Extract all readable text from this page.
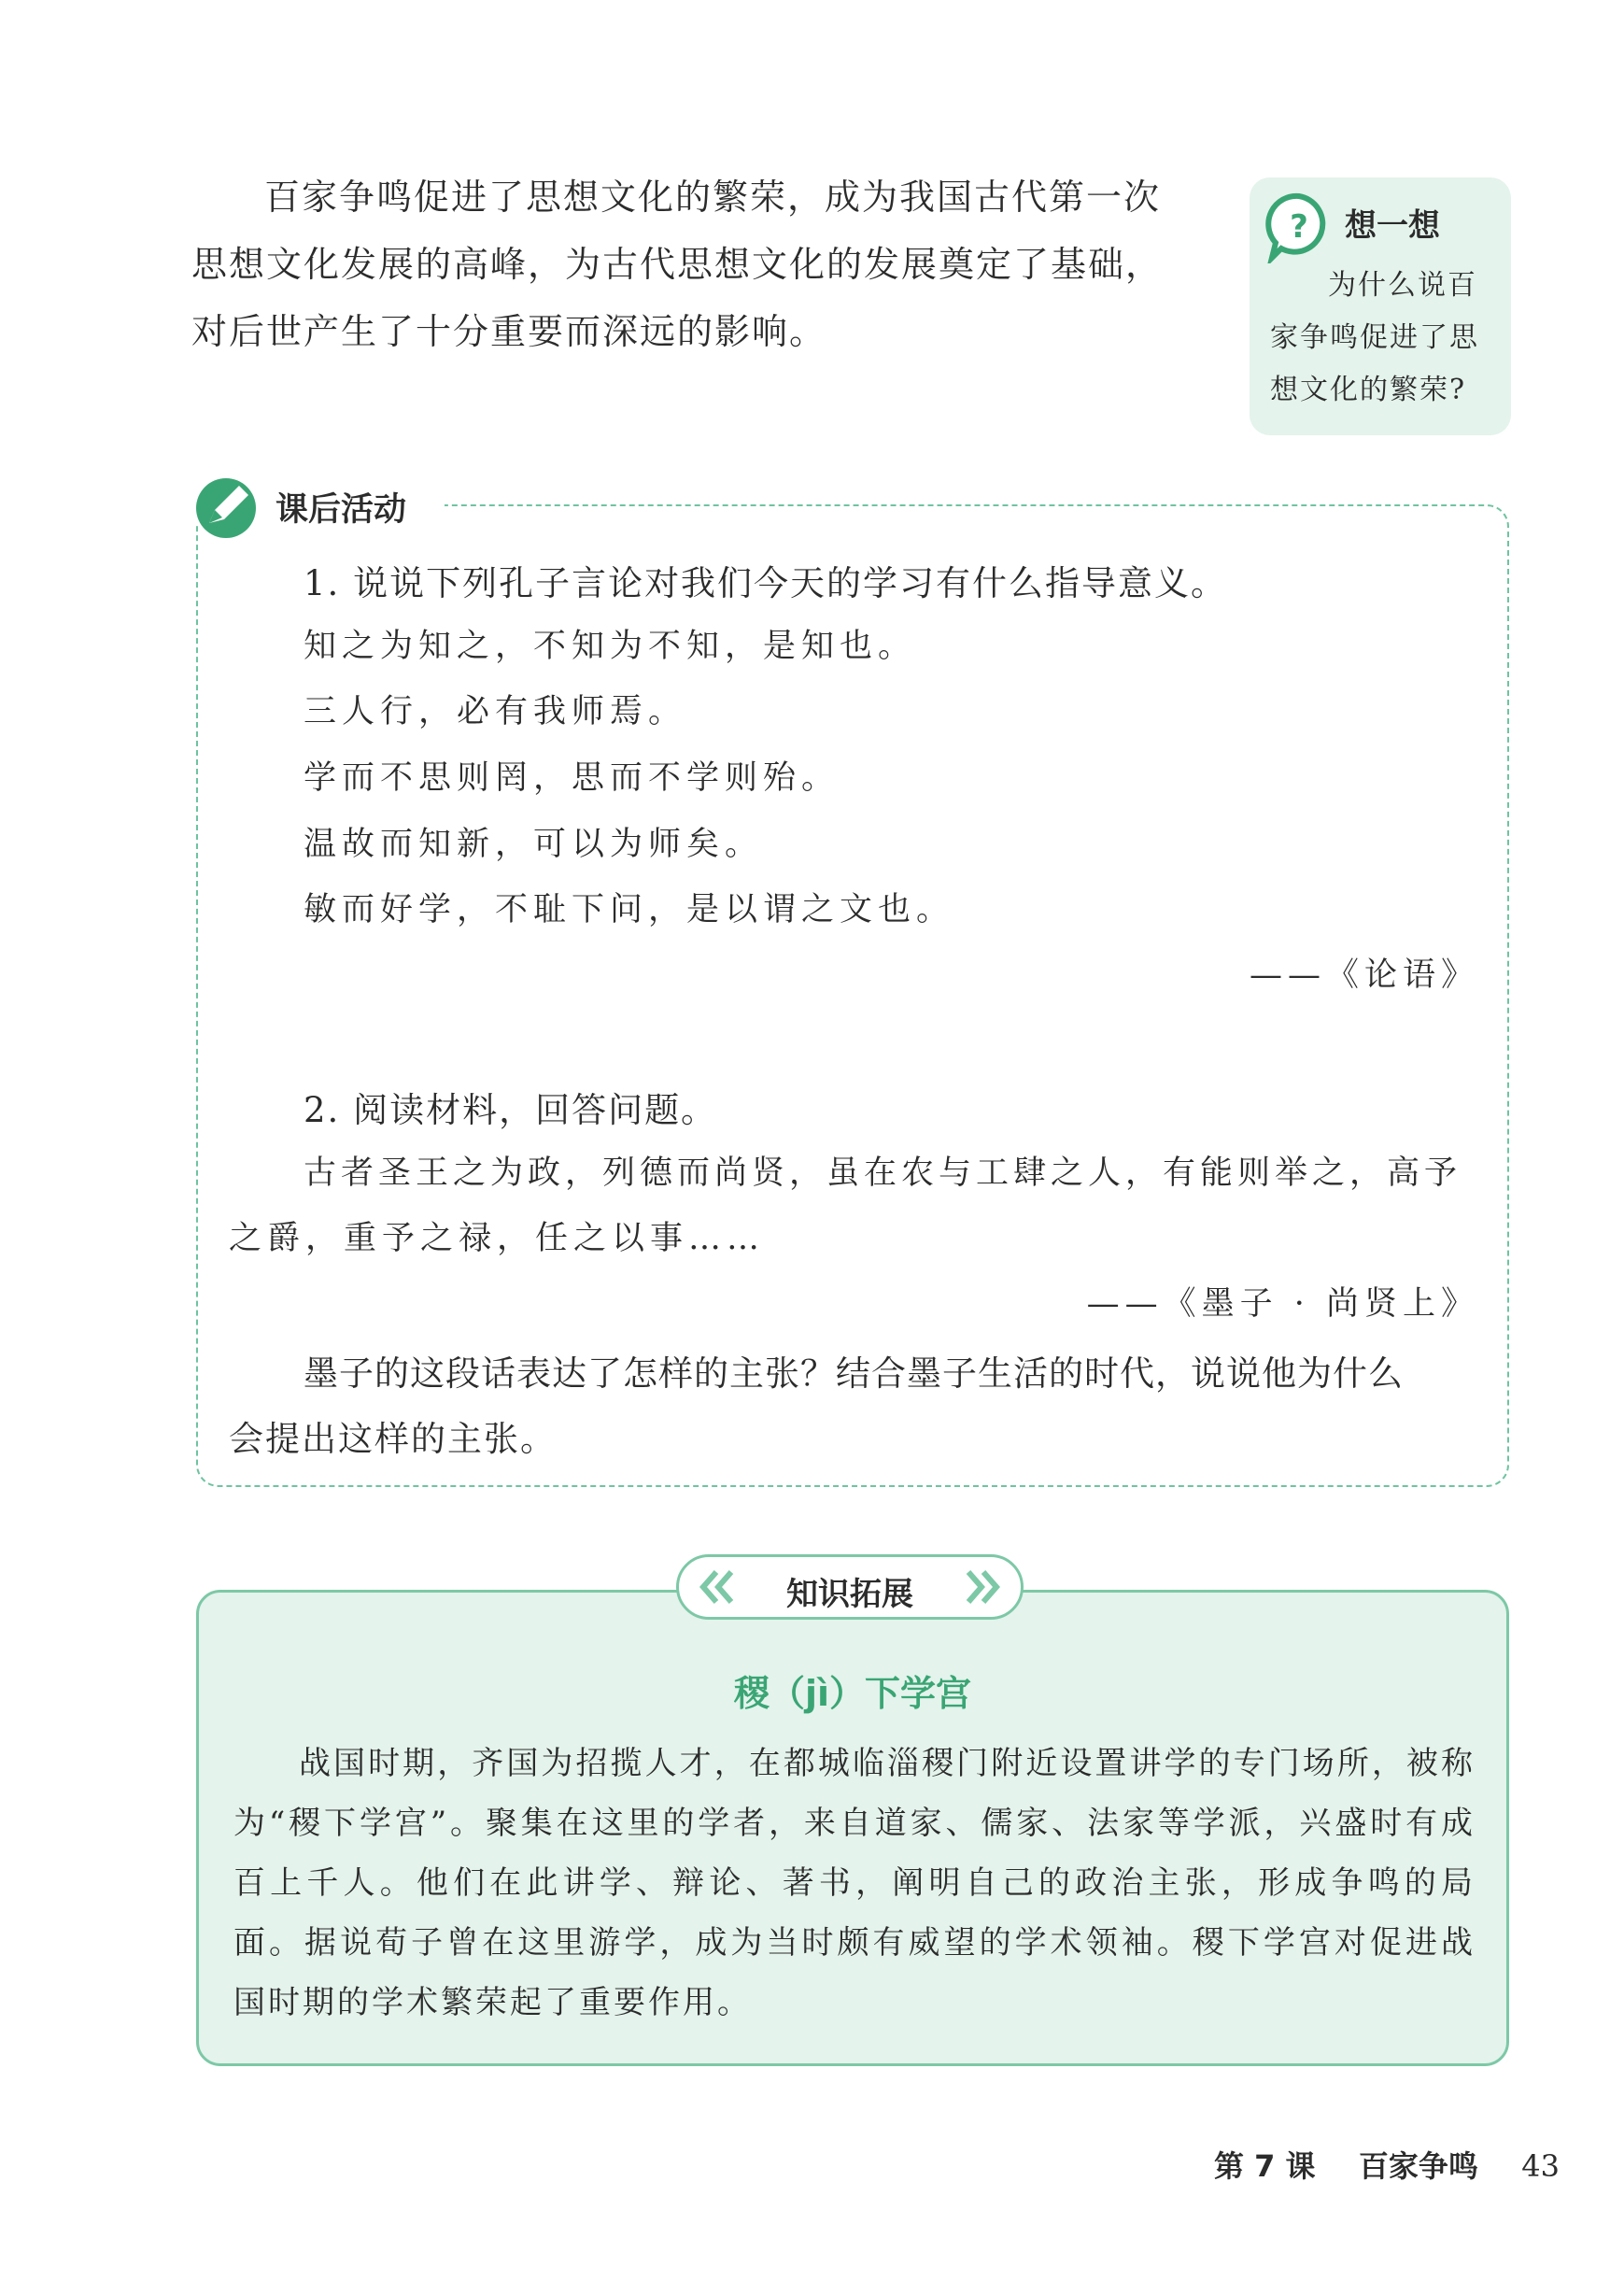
百家争鸣促进了思想文化的繁荣，成为我国古代第一次思想文化发展的高峰，为古代思想文化的发展奠定了基础，对后世产生了十分重要而深远的影响。

? 想一想
为什么说百家争鸣促进了思想文化的繁荣?
课后活动
1. 说说下列孔子言论对我们今天的学习有什么指导意义。
知之为知之，不知为不知，是知也。
三人行，必有我师焉。
学而不思则罔，思而不学则殆。
温故而知新，可以为师矣。
敏而好学，不耻下问，是以谓之文也。
——《论语》
2. 阅读材料，回答问题。
古者圣王之为政，列德而尚贤，虽在农与工肆之人，有能则举之，高予
之爵，重予之禄，任之以事……
——《墨子 · 尚贤上》
墨子的这段话表达了怎样的主张？结合墨子生活的时代，说说他为什么
会提出这样的主张。
知识拓展
稷（jì）下学宫
战国时期，齐国为招揽人才，在都城临淄稷门附近设置讲学的专门场所，被称为“稷下学宫”。聚集在这里的学者，来自道家、儒家、法家等学派，兴盛时有成百上千人。他们在此讲学、辩论、著书，阐明自己的政治主张，形成争鸣的局面。据说荀子曾在这里游学，成为当时颇有威望的学术领袖。稷下学宫对促进战国时期的学术繁荣起了重要作用。
第 7 课 百家争鸣 43
